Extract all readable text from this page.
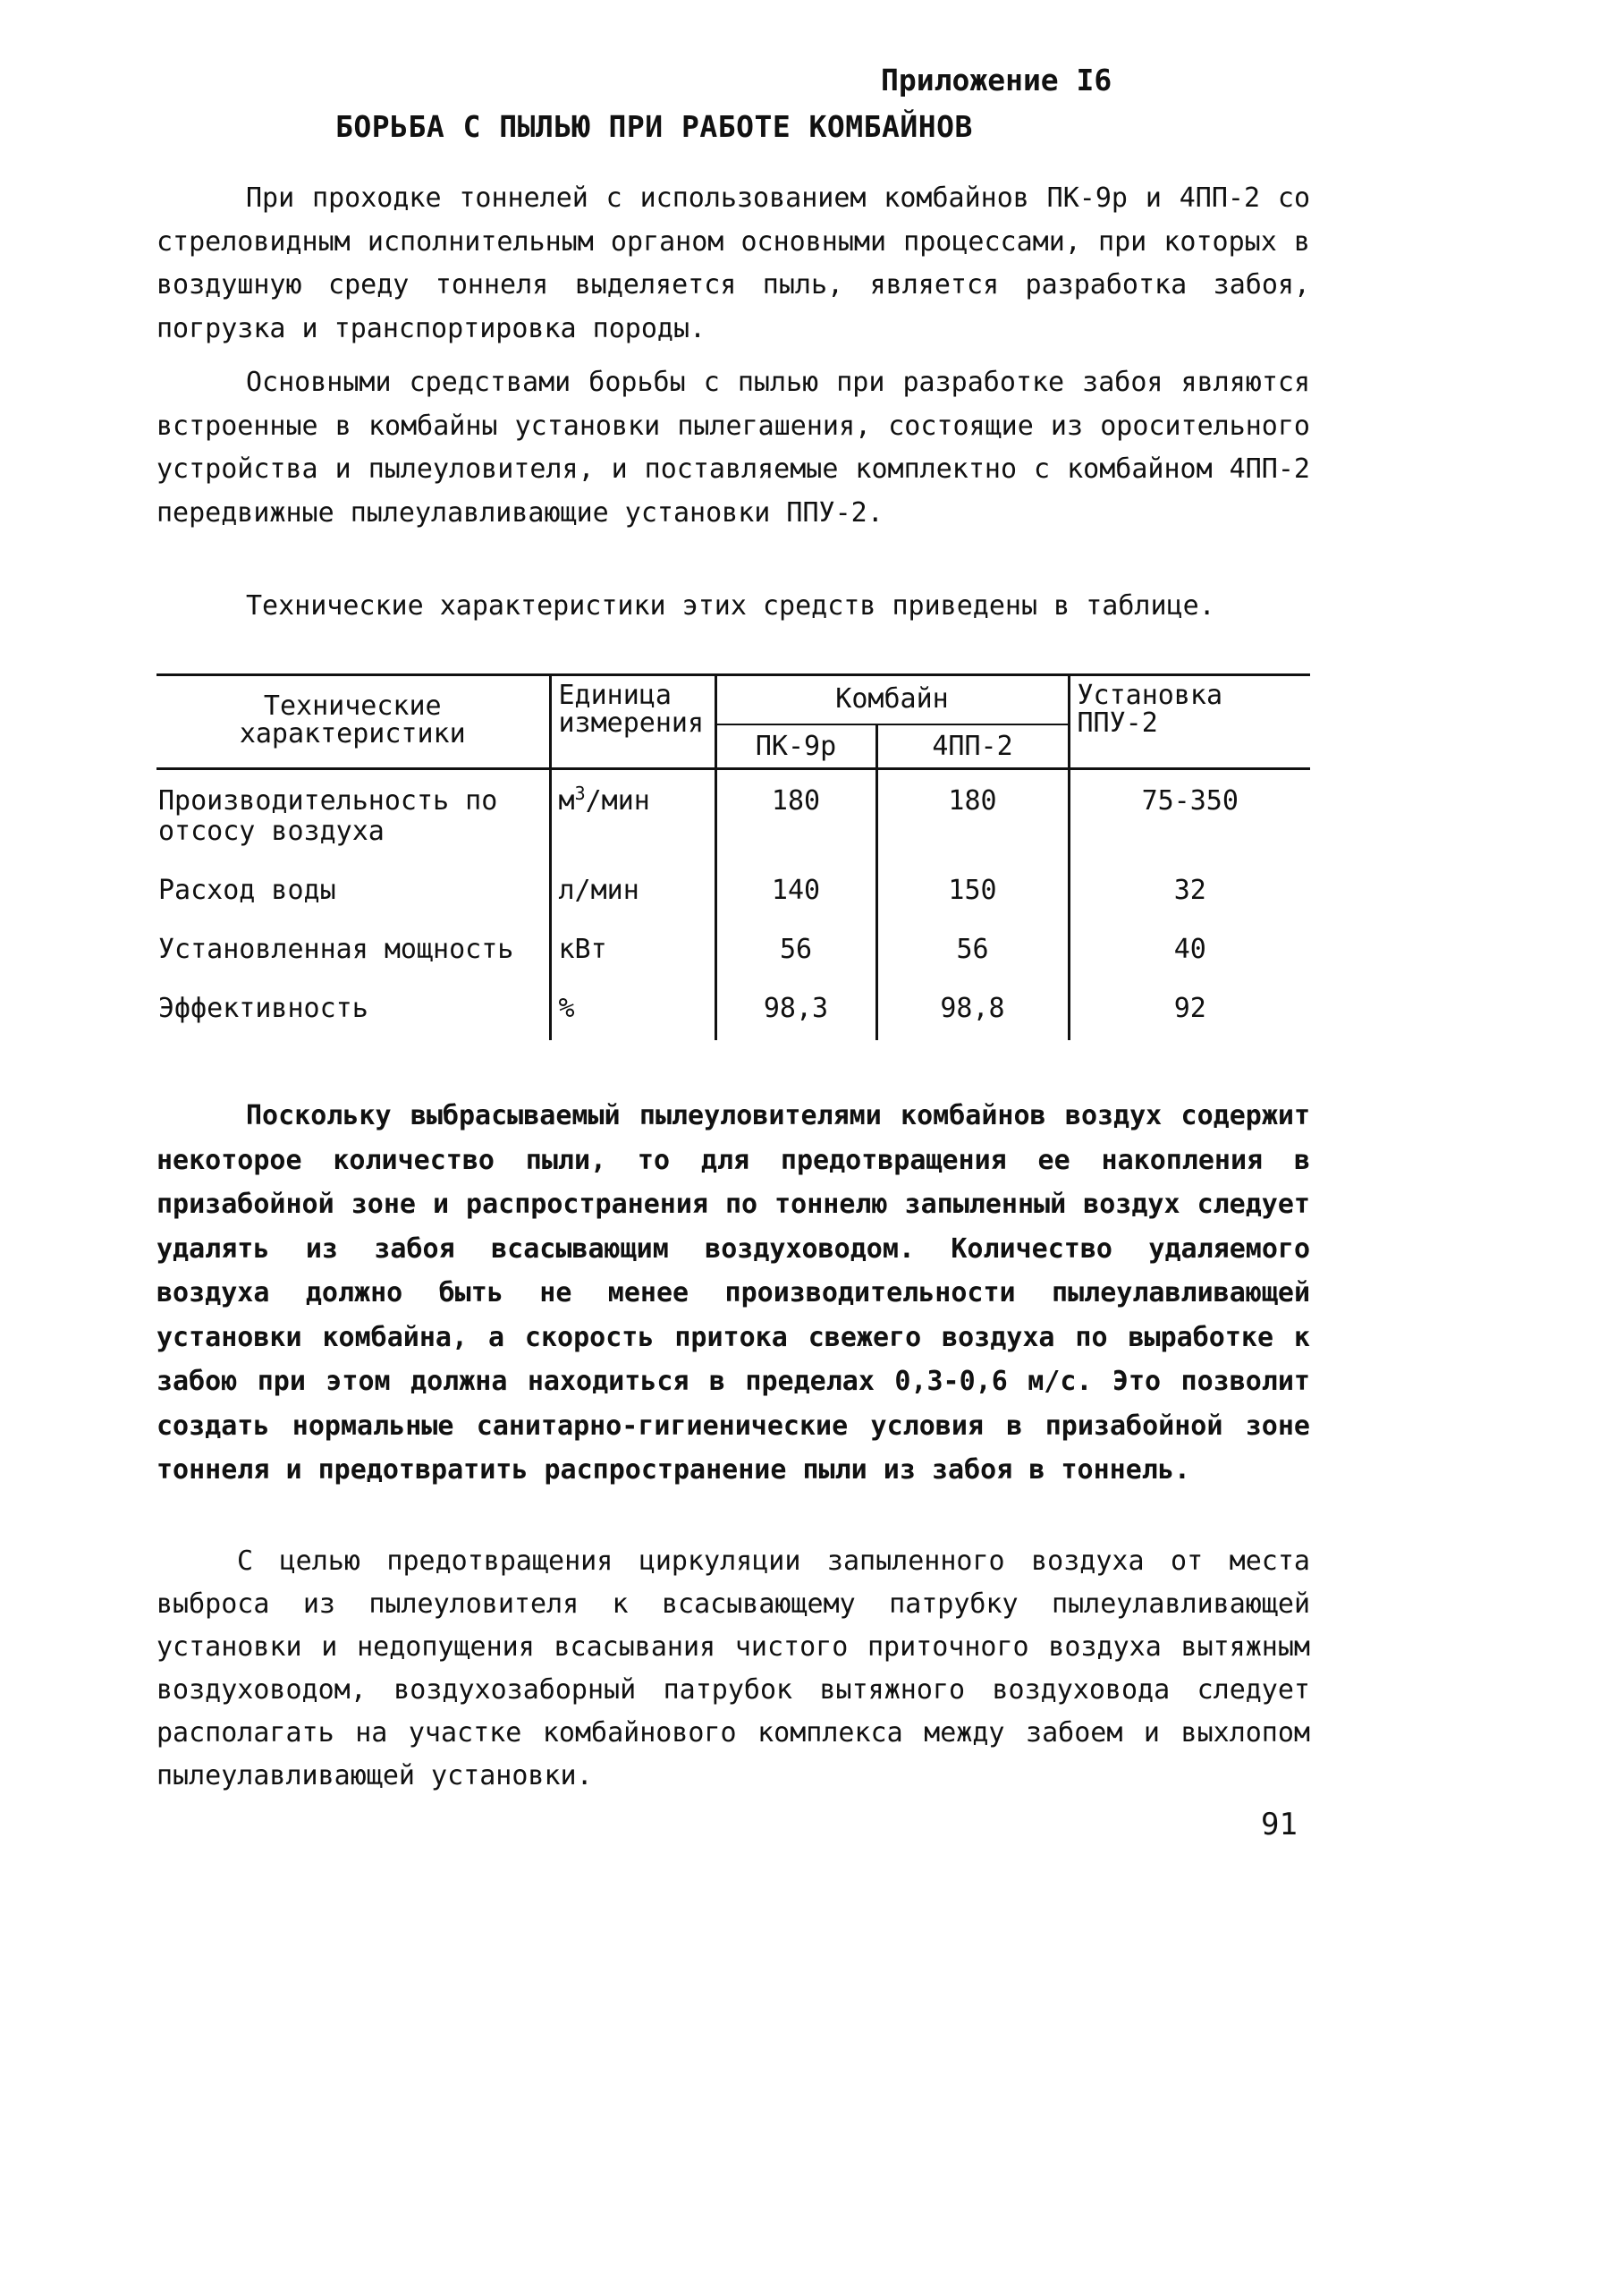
Приложение I6
БОРЬБА С ПЫЛЬЮ ПРИ РАБОТЕ КОМБАЙНОВ

При проходке тоннелей с использованием комбайнов ПК-9р и 4ПП-2 со стреловидным исполнительным органом основными процессами, при которых в воздушную среду тоннеля выделяется пыль, является разработка забоя, погрузка и транспортировка породы.

Основными средствами борьбы с пылью при разработке забоя являются встроенные в комбайны установки пылегашения, состоящие из оросительного устройства и пылеуловителя, и поставляемые комплектно с комбайном 4ПП-2 передвижные пылеулавливающие установки ППУ-2.

Технические характеристики этих средств приведены в таблице.

Технические характеристики	Единица измерения	Комбайн		Установка ППУ-2
		ПК-9р	4ПП-2	
Производительность по отсосу воздуха	$м^3$/мин	180	180	75-350
Расход воды	л/мин	140	150	32
Установленная мощность	кВт	56	56	40
Эффективность	%	98,3	98,8	92

Поскольку выбрасываемый пылеуловителями комбайнов воздух содержит некоторое количество пыли, то для предотвращения ее накопления в призабойной зоне и распространения по тоннелю запыленный воздух следует удалять из забоя всасывающим воздуховодом. Количество удаляемого воздуха должно быть не менее производительности пылеулавливающей установки комбайна, а скорость притока свежего воздуха по выработке к забою при этом должна находиться в пределах 0,3-0,6 м/с. Это позволит создать нормальные санитарно-гигиенические условия в призабойной зоне тоннеля и предотвратить распространение пыли из забоя в тоннель.

С целью предотвращения циркуляции запыленного воздуха от места выброса из пылеуловителя к всасывающему патрубку пылеулавливающей установки и недопущения всасывания чистого приточного воздуха вытяжным воздуховодом, воздухозаборный патрубок вытяжного воздуховода следует располагать на участке комбайнового комплекса между забоем и выхлопом пылеулавливающей установки.

91
